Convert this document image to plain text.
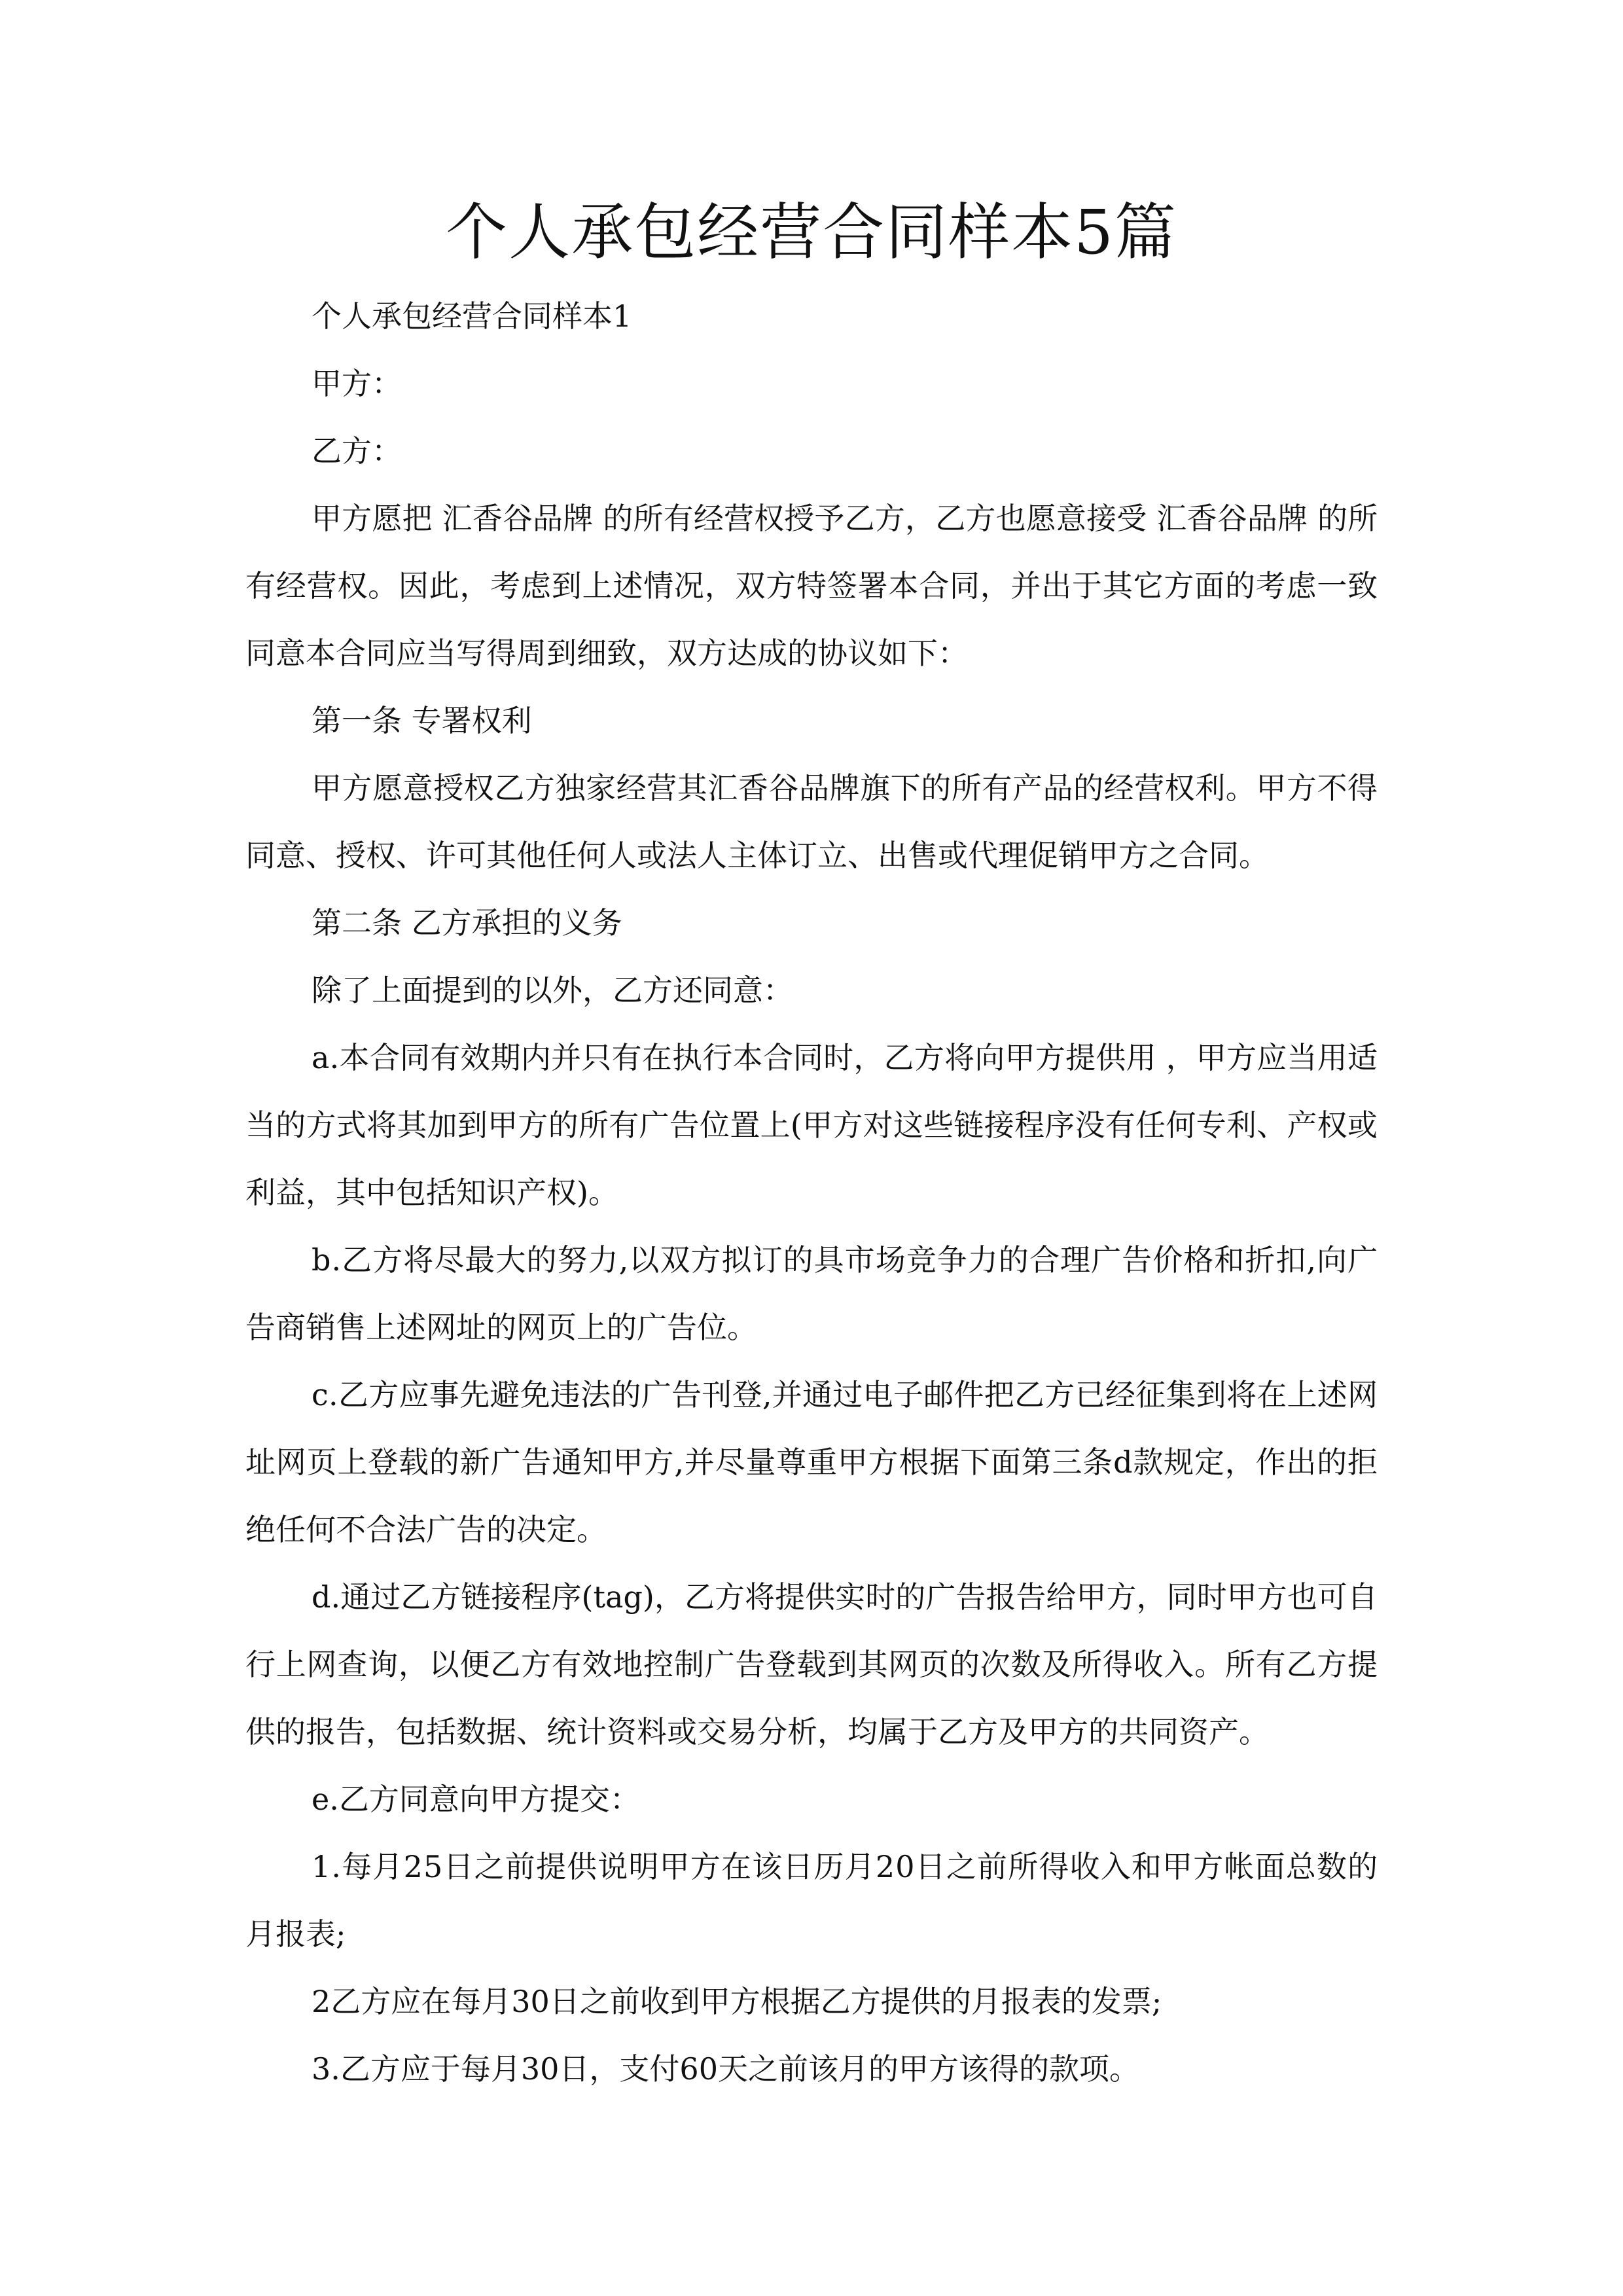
个人承包经营合同样本5篇

个人承包经营合同样本1

甲方：

乙方：

甲方愿把 汇香谷品牌 的所有经营权授予乙方，乙方也愿意接受 汇香谷品牌 的所
有经营权。因此，考虑到上述情况，双方特签署本合同，并出于其它方面的考虑一致
同意本合同应当写得周到细致，双方达成的协议如下：

第一条 专署权利

甲方愿意授权乙方独家经营其汇香谷品牌旗下的所有产品的经营权利。甲方不得
同意、授权、许可其他任何人或法人主体订立、出售或代理促销甲方之合同。

第二条 乙方承担的义务

除了上面提到的以外，乙方还同意：

a.本合同有效期内并只有在执行本合同时，乙方将向甲方提供用 ，甲方应当用适
当的方式将其加到甲方的所有广告位置上(甲方对这些链接程序没有任何专利、产权或
利益，其中包括知识产权)。

b.乙方将尽最大的努力,以双方拟订的具市场竞争力的合理广告价格和折扣,向广
告商销售上述网址的网页上的广告位。

c.乙方应事先避免违法的广告刊登,并通过电子邮件把乙方已经征集到将在上述网
址网页上登载的新广告通知甲方,并尽量尊重甲方根据下面第三条d款规定，作出的拒
绝任何不合法广告的决定。

d.通过乙方链接程序(tag)，乙方将提供实时的广告报告给甲方，同时甲方也可自
行上网查询，以便乙方有效地控制广告登载到其网页的次数及所得收入。所有乙方提
供的报告，包括数据、统计资料或交易分析，均属于乙方及甲方的共同资产。

e.乙方同意向甲方提交：

1.每月25日之前提供说明甲方在该日历月20日之前所得收入和甲方帐面总数的
月报表;

2乙方应在每月30日之前收到甲方根据乙方提供的月报表的发票;

3.乙方应于每月30日，支付60天之前该月的甲方该得的款项。
